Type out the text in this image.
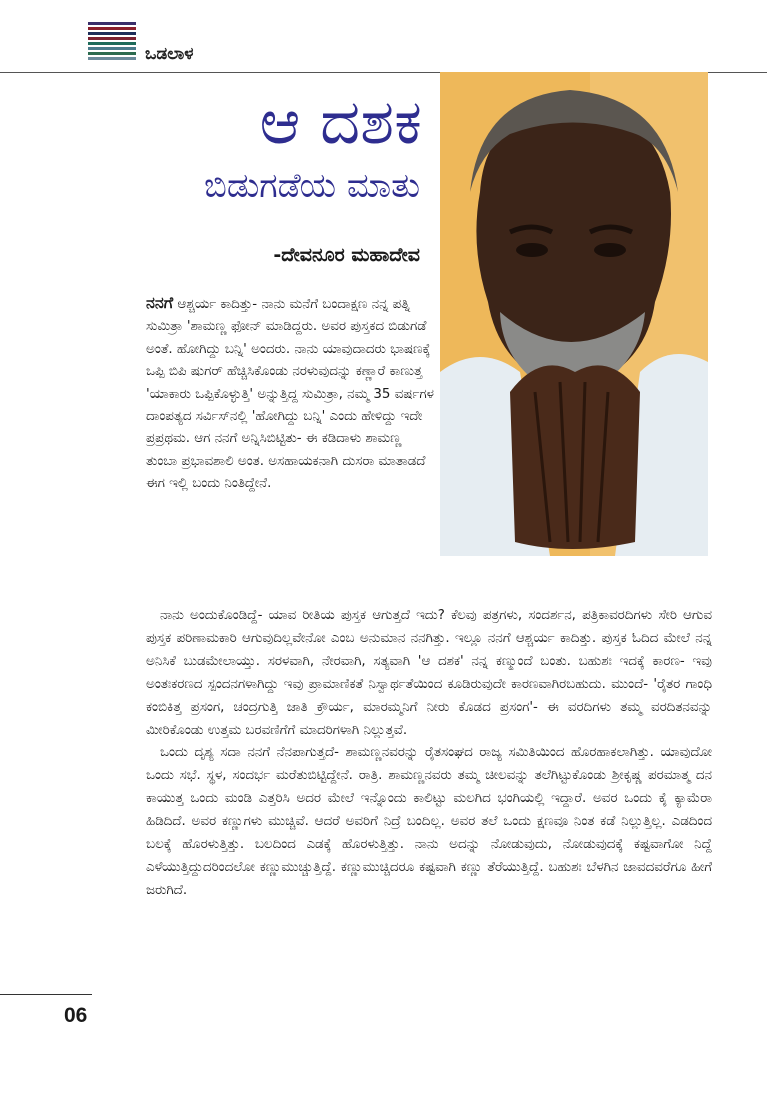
ಒಡಲಾಳ
ಆ ದಶಕ
ಬಿಡುಗಡೆಯ ಮಾತು
-ದೇವನೂರ ಮಹಾದೇವ
ನನಗೆ ಆಶ್ಚರ್ಯ ಕಾದಿತ್ತು- ನಾನು ಮನೆಗೆ ಬಂದಾಕ್ಷಣ ನನ್ನ ಪತ್ನಿ ಸುಮಿತ್ರಾ 'ಶಾಮಣ್ಣ ಫೋನ್ ಮಾಡಿದ್ದರು. ಅವರ ಪುಸ್ತಕದ ಬಿಡುಗಡೆ ಅಂತೆ. ಹೋಗಿದ್ದು ಬನ್ನಿ' ಅಂದರು. ನಾನು ಯಾವುದಾದರು ಭಾಷಣಕ್ಕೆ ಒಪ್ಪಿ ಬಿಪಿ ಷುಗರ್ ಹೆಚ್ಚಿಸಿಕೊಂಡು ನರಳುವುದನ್ನು ಕಣ್ಣಾರೆ ಕಾಣುತ್ತ 'ಯಾಕಾರು ಒಪ್ಪಿಕೊಳ್ಳುತ್ತಿ' ಅನ್ನುತ್ತಿದ್ದ ಸುಮಿತ್ರಾ, ನಮ್ಮ 35 ವರ್ಷಗಳ ದಾಂಪತ್ಯದ ಸರ್ವಿಸ್‌ನಲ್ಲಿ 'ಹೋಗಿದ್ದು ಬನ್ನಿ' ಎಂದು ಹೇಳಿದ್ದು ಇದೇ ಪ್ರಪ್ರಥಮ. ಆಗ ನನಗೆ ಅನ್ನಿಸಿಬಿಟ್ಟಿತು- ಈ ಕಡಿದಾಳು ಶಾಮಣ್ಣ ತುಂಬಾ ಪ್ರಭಾವಶಾಲಿ ಅಂತ. ಅಸಹಾಯಕನಾಗಿ ದುಸರಾ ಮಾತಾಡದೆ ಈಗ ಇಲ್ಲಿ ಬಂದು ನಿಂತಿದ್ದೇನೆ.

ನಾನು ಅಂದುಕೊಂಡಿದ್ದೆ- ಯಾವ ರೀತಿಯ ಪುಸ್ತಕ ಆಗುತ್ತದೆ ಇದು? ಕೆಲವು ಪತ್ರಗಳು, ಸಂದರ್ಶನ, ಪತ್ರಿಕಾವರದಿಗಳು ಸೇರಿ ಆಗುವ ಪುಸ್ತಕ ಪರಿಣಾಮಕಾರಿ ಆಗುವುದಿಲ್ಲವೇನೋ ಎಂಬ ಅನುಮಾನ ನನಗಿತ್ತು. ಇಲ್ಲೂ ನನಗೆ ಆಶ್ಚರ್ಯ ಕಾದಿತ್ತು. ಪುಸ್ತಕ ಓದಿದ ಮೇಲೆ ನನ್ನ ಅನಿಸಿಕೆ ಬುಡಮೇಲಾಯ್ತು. ಸರಳವಾಗಿ, ನೇರವಾಗಿ, ಸತ್ಯವಾಗಿ 'ಆ ದಶಕ' ನನ್ನ ಕಣ್ಮುಂದೆ ಬಂತು. ಬಹುಶಃ ಇದಕ್ಕೆ ಕಾರಣ- ಇವು ಅಂತಃಕರಣದ ಸ್ಪಂದನಗಳಾಗಿದ್ದು ಇವು ಪ್ರಾಮಾಣಿಕತೆ ನಿಸ್ವಾರ್ಥತೆಯಿಂದ ಕೂಡಿರುವುದೇ ಕಾರಣವಾಗಿರಬಹುದು. ಮುಂದೆ- 'ರೈತರ ಗಾಂಧಿ ಕಂಬಿಕಿತ್ತ ಪ್ರಸಂಗ, ಚಂದ್ರಗುತ್ತಿ ಜಾತಿ ಕ್ರೌರ್ಯ, ಮಾರಮ್ಮನಿಗೆ ನೀರು ಕೊಡದ ಪ್ರಸಂಗ'- ಈ ವರದಿಗಳು ತಮ್ಮ ವರದಿತನವನ್ನು ಮೀರಿಕೊಂಡು ಉತ್ತಮ ಬರವಣಿಗೆಗೆ ಮಾದರಿಗಳಾಗಿ ನಿಲ್ಲುತ್ತವೆ.

ಒಂದು ದೃಶ್ಯ ಸದಾ ನನಗೆ ನೆನಪಾಗುತ್ತದೆ- ಶಾಮಣ್ಣನವರನ್ನು ರೈತಸಂಘದ ರಾಜ್ಯ ಸಮಿತಿಯಿಂದ ಹೊರಹಾಕಲಾಗಿತ್ತು. ಯಾವುದೋ ಒಂದು ಸಭೆ. ಸ್ಥಳ, ಸಂದರ್ಭ ಮರೆತುಬಿಟ್ಟಿದ್ದೇನೆ. ರಾತ್ರಿ. ಶಾಮಣ್ಣನವರು ತಮ್ಮ ಚೀಲವನ್ನು ತಲೆಗಿಟ್ಟುಕೊಂಡು ಶ್ರೀಕೃಷ್ಣ ಪರಮಾತ್ಮ ದನ ಕಾಯುತ್ತ ಒಂದು ಮಂಡಿ ಎತ್ತರಿಸಿ ಅದರ ಮೇಲೆ ಇನ್ನೊಂದು ಕಾಲಿಟ್ಟು ಮಲಗಿದ ಭಂಗಿಯಲ್ಲಿ ಇದ್ದಾರೆ. ಅವರ ಒಂದು ಕೈ ಕ್ಯಾಮೆರಾ ಹಿಡಿದಿದೆ. ಅವರ ಕಣ್ಣುಗಳು ಮುಚ್ಚಿವೆ. ಆದರೆ ಅವರಿಗೆ ನಿದ್ರೆ ಬಂದಿಲ್ಲ. ಅವರ ತಲೆ ಒಂದು ಕ್ಷಣವೂ ನಿಂತ ಕಡೆ ನಿಲ್ಲುತ್ತಿಲ್ಲ. ಎಡದಿಂದ ಬಲಕ್ಕೆ ಹೊರಳುತ್ತಿತ್ತು. ಬಲದಿಂದ ಎಡಕ್ಕೆ ಹೊರಳುತ್ತಿತ್ತು. ನಾನು ಅದನ್ನು ನೋಡುವುದು, ನೋಡುವುದಕ್ಕೆ ಕಷ್ಟವಾಗೋ ನಿದ್ದೆ ಎಳೆಯುತ್ತಿದ್ದುದರಿಂದಲೋ ಕಣ್ಣುಮುಚ್ಚುತ್ತಿದ್ದೆ. ಕಣ್ಣುಮುಚ್ಚಿದರೂ ಕಷ್ಟವಾಗಿ ಕಣ್ಣು ತೆರೆಯುತ್ತಿದ್ದೆ. ಬಹುಶಃ ಬೆಳಗಿನ ಜಾವದವರೆಗೂ ಹೀಗೆ ಜರುಗಿದೆ.

06
